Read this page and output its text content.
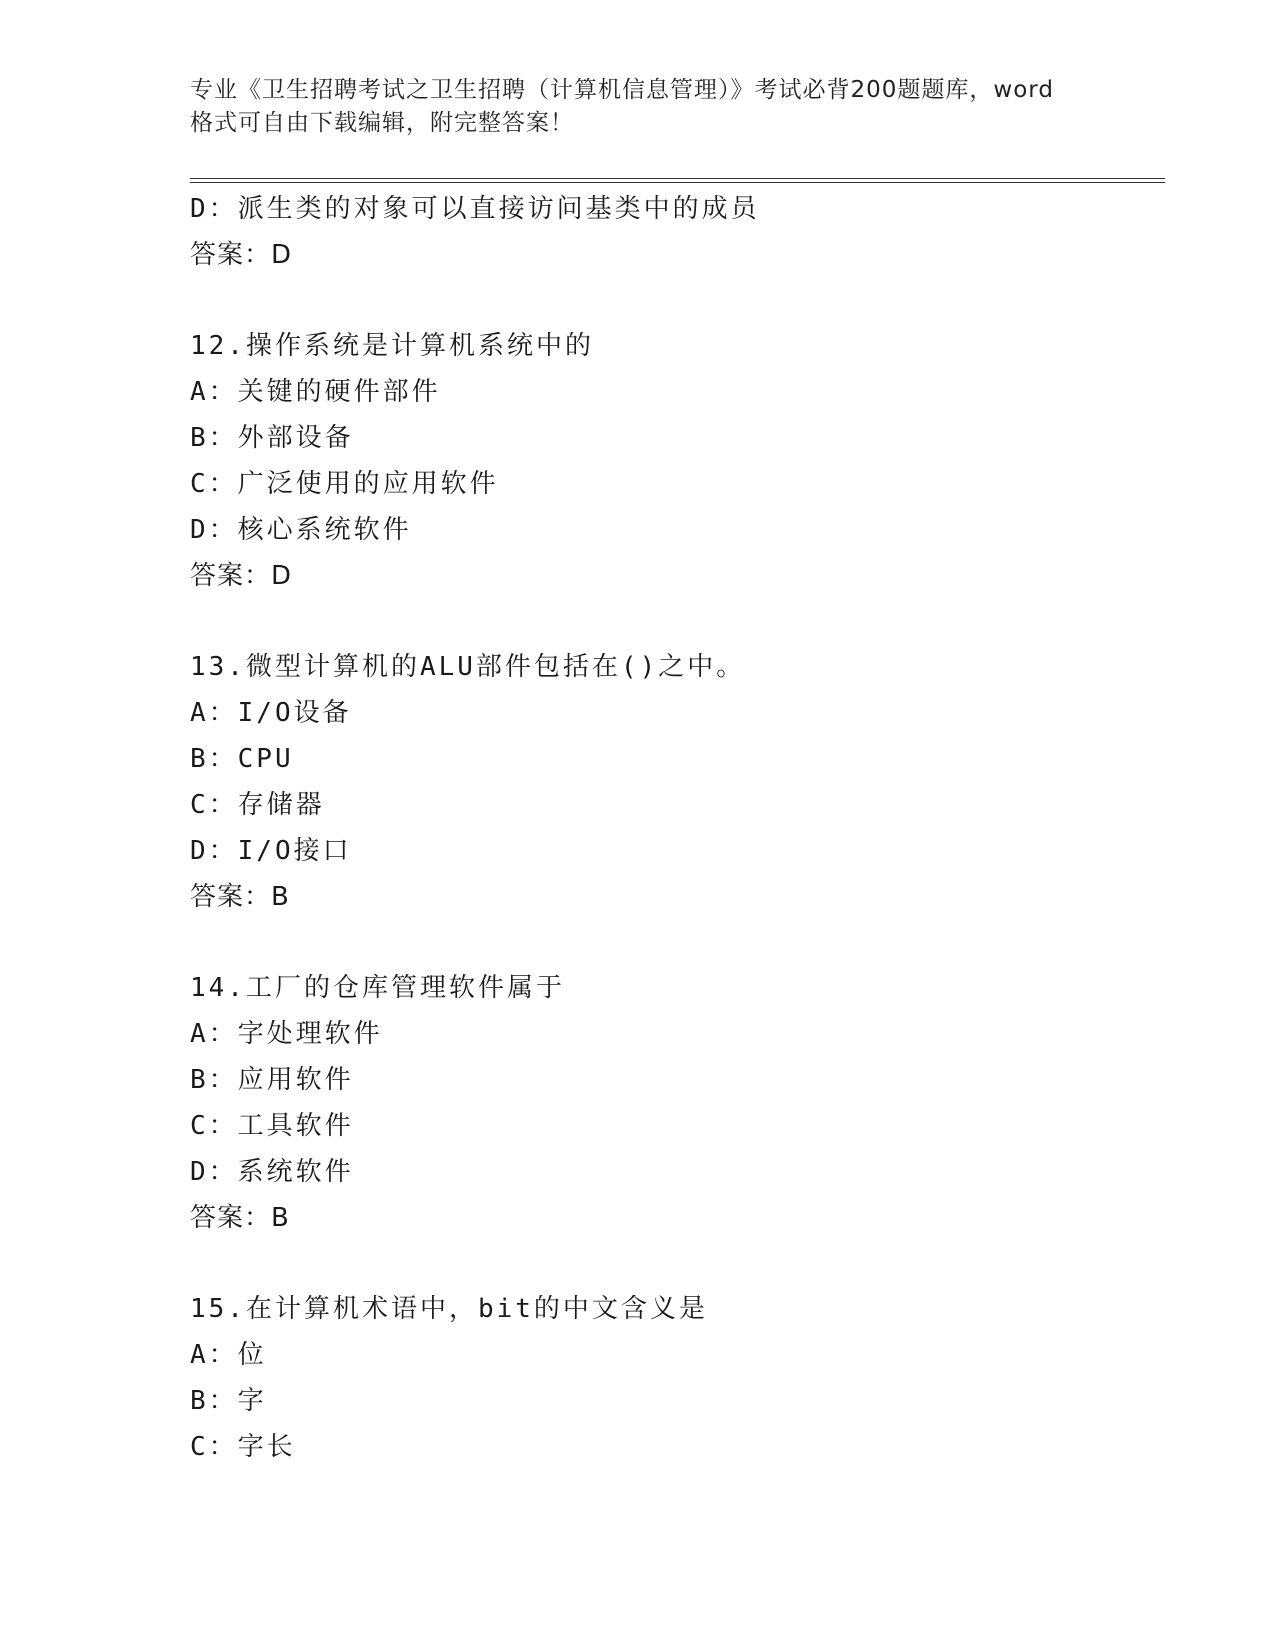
专业《卫生招聘考试之卫生招聘（计算机信息管理）》考试必背200题题库，word
格式可自由下载编辑，附完整答案！
D：派生类的对象可以直接访问基类中的成员
答案：D
12.操作系统是计算机系统中的
A：关键的硬件部件
B：外部设备
C：广泛使用的应用软件
D：核心系统软件
答案：D
13.微型计算机的ALU部件包括在()之中。
A：I/O设备
B：CPU
C：存储器
D：I/O接口
答案：B
14.工厂的仓库管理软件属于
A：字处理软件
B：应用软件
C：工具软件
D：系统软件
答案：B
15.在计算机术语中，bit的中文含义是
A：位
B：字
C：字长
